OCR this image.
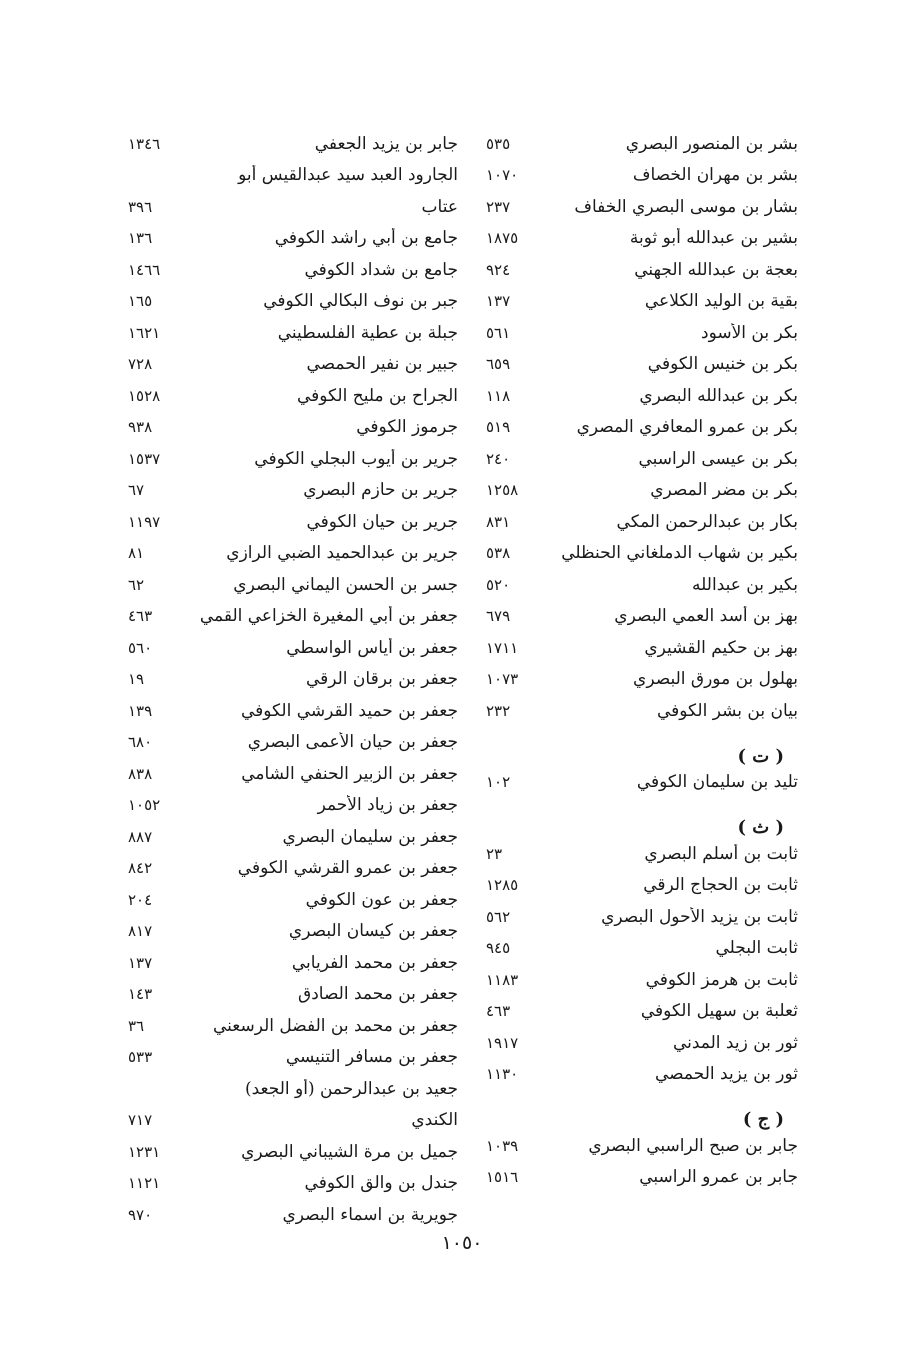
بشر بن المنصور البصري
٥٣٥
بشر بن مهران الخصاف
١٠٧٠
بشار بن موسى البصري الخفاف
٢٣٧
بشير بن عبدالله أبو ثوبة
١٨٧٥
بعجة بن عبدالله الجهني
٩٢٤
بقية بن الوليد الكلاعي
١٣٧
بكر بن الأسود
٥٦١
بكر بن خنيس الكوفي
٦٥٩
بكر بن عبدالله البصري
١١٨
بكر بن عمرو المعافري المصري
٥١٩
بكر بن عيسى الراسبي
٢٤٠
بكر بن مضر المصري
١٢٥٨
بكار بن عبدالرحمن المكي
٨٣١
بكير بن شهاب الدملغاني الحنظلي
٥٣٨
بكير بن عبدالله
٥٢٠
بهز بن أسد العمي البصري
٦٧٩
بهز بن حكيم القشيري
١٧١١
بهلول بن مورق البصري
١٠٧٣
بيان بن بشر الكوفي
٢٣٢
( ت )
تليد بن سليمان الكوفي
١٠٢
( ث )
ثابت بن أسلم البصري
٢٣
ثابت بن الحجاج الرقي
١٢٨٥
ثابت بن يزيد الأحول البصري
٥٦٢
ثابت البجلي
٩٤٥
ثابت بن هرمز الكوفي
١١٨٣
ثعلبة بن سهيل الكوفي
٤٦٣
ثور بن زيد المدني
١٩١٧
ثور بن يزيد الحمصي
١١٣٠
( ج )
جابر بن صبح الراسبي البصري
١٠٣٩
جابر بن عمرو الراسبي
١٥١٦
جابر بن يزيد الجعفي
١٣٤٦
الجارود العبد سيد عبدالقيس أبو
عتاب
٣٩٦
جامع بن أبي راشد الكوفي
١٣٦
جامع بن شداد الكوفي
١٤٦٦
جبر بن نوف البكالي الكوفي
١٦٥
جبلة بن عطية الفلسطيني
١٦٢١
جبير بن نفير الحمصي
٧٢٨
الجراح بن مليح الكوفي
١٥٢٨
جرموز الكوفي
٩٣٨
جرير بن أيوب البجلي الكوفي
١٥٣٧
جرير بن حازم البصري
٦٧
جرير بن حيان الكوفي
١١٩٧
جرير بن عبدالحميد الضبي الرازي
٨١
جسر بن الحسن اليماني البصري
٦٢
جعفر بن أبي المغيرة الخزاعي القمي
٤٦٣
جعفر بن أياس الواسطي
٥٦٠
جعفر بن برقان الرقي
١٩
جعفر بن حميد القرشي الكوفي
١٣٩
جعفر بن حيان الأعمى البصري
٦٨٠
جعفر بن الزبير الحنفي الشامي
٨٣٨
جعفر بن زياد الأحمر
١٠٥٢
جعفر بن سليمان البصري
٨٨٧
جعفر بن عمرو القرشي الكوفي
٨٤٢
جعفر بن عون الكوفي
٢٠٤
جعفر بن كيسان البصري
٨١٧
جعفر بن محمد الفريابي
١٣٧
جعفر بن محمد الصادق
١٤٣
جعفر بن محمد بن الفضل الرسعني
٣٦
جعفر بن مسافر التنيسي
٥٣٣
جعيد بن عبدالرحمن (أو الجعد)
الكندي
٧١٧
جميل بن مرة الشيباني البصري
١٢٣١
جندل بن والق الكوفي
١١٢١
جويرية بن اسماء البصري
٩٧٠
١٠٥٠
